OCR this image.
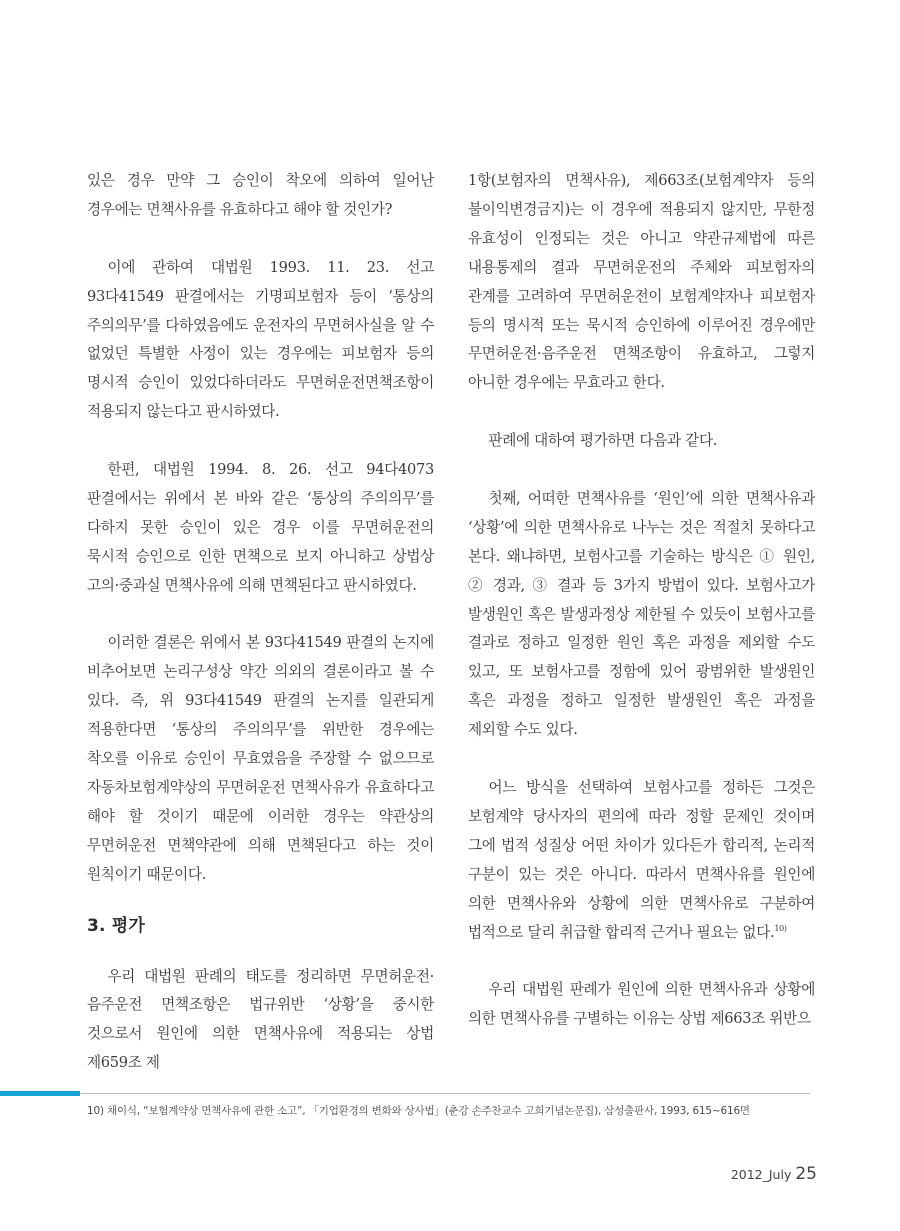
있은 경우 만약 그 승인이 착오에 의하여 일어난 경우에는 면책사유를 유효하다고 해야 할 것인가?

이에 관하여 대법원 1993. 11. 23. 선고 93다41549 판결에서는 기명피보험자 등이 ‘통상의 주의의무’를 다하였음에도 운전자의 무면허사실을 알 수 없었던 특별한 사정이 있는 경우에는 피보험자 등의 명시적 승인이 있었다하더라도 무면허운전면책조항이 적용되지 않는다고 판시하였다.

한편, 대법원 1994. 8. 26. 선고 94다4073 판결에서는 위에서 본 바와 같은 ‘통상의 주의의무’를 다하지 못한 승인이 있은 경우 이를 무면허운전의 묵시적 승인으로 인한 면책으로 보지 아니하고 상법상 고의·중과실 면책사유에 의해 면책된다고 판시하였다.

이러한 결론은 위에서 본 93다41549 판결의 논지에 비추어보면 논리구성상 약간 의외의 결론이라고 볼 수 있다. 즉, 위 93다41549 판결의 논지를 일관되게 적용한다면 ‘통상의 주의의무’를 위반한 경우에는 착오를 이유로 승인이 무효였음을 주장할 수 없으므로 자동차보험계약상의 무면허운전 면책사유가 유효하다고 해야 할 것이기 때문에 이러한 경우는 약관상의 무면허운전 면책약관에 의해 면책된다고 하는 것이 원칙이기 때문이다.

3. 평가

우리 대법원 판례의 태도를 정리하면 무면허운전·음주운전 면책조항은 법규위반 ‘상황’을 중시한 것으로서 원인에 의한 면책사유에 적용되는 상법 제659조 제

1항(보험자의 면책사유), 제663조(보험계약자 등의 불이익변경금지)는 이 경우에 적용되지 않지만, 무한정 유효성이 인정되는 것은 아니고 약관규제법에 따른 내용통제의 결과 무면허운전의 주체와 피보험자의 관계를 고려하여 무면허운전이 보험계약자나 피보험자 등의 명시적 또는 묵시적 승인하에 이루어진 경우에만 무면허운전·음주운전 면책조항이 유효하고, 그렇지 아니한 경우에는 무효라고 한다.

판례에 대하여 평가하면 다음과 같다.

첫째, 어떠한 면책사유를 ‘원인’에 의한 면책사유과 ‘상황’에 의한 면책사유로 나누는 것은 적절치 못하다고 본다. 왜냐하면, 보험사고를 기술하는 방식은 ① 원인, ② 경과, ③ 결과 등 3가지 방법이 있다. 보험사고가 발생원인 혹은 발생과정상 제한될 수 있듯이 보험사고를 결과로 정하고 일정한 원인 혹은 과정을 제외할 수도 있고, 또 보험사고를 정함에 있어 광범위한 발생원인 혹은 과정을 정하고 일정한 발생원인 혹은 과정을 제외할 수도 있다.

어느 방식을 선택하여 보험사고를 정하든 그것은 보험계약 당사자의 편의에 따라 정할 문제인 것이며 그에 법적 성질상 어떤 차이가 있다든가 합리적, 논리적 구분이 있는 것은 아니다. 따라서 면책사유를 원인에 의한 면책사유와 상황에 의한 면책사유로 구분하여 법적으로 달리 취급할 합리적 근거나 필요는 없다.$^{10)}$

우리 대법원 판례가 원인에 의한 면책사유과 상황에 의한 면책사유를 구별하는 이유는 상법 제663조 위반으

10) 채이식, “보험계약상 면책사유에 관한 소고”, 「기업환경의 변화와 상사법」(춘강 손주찬교수 고희기념논문집), 삼성출판사, 1993, 615~616면
2012_July 25
